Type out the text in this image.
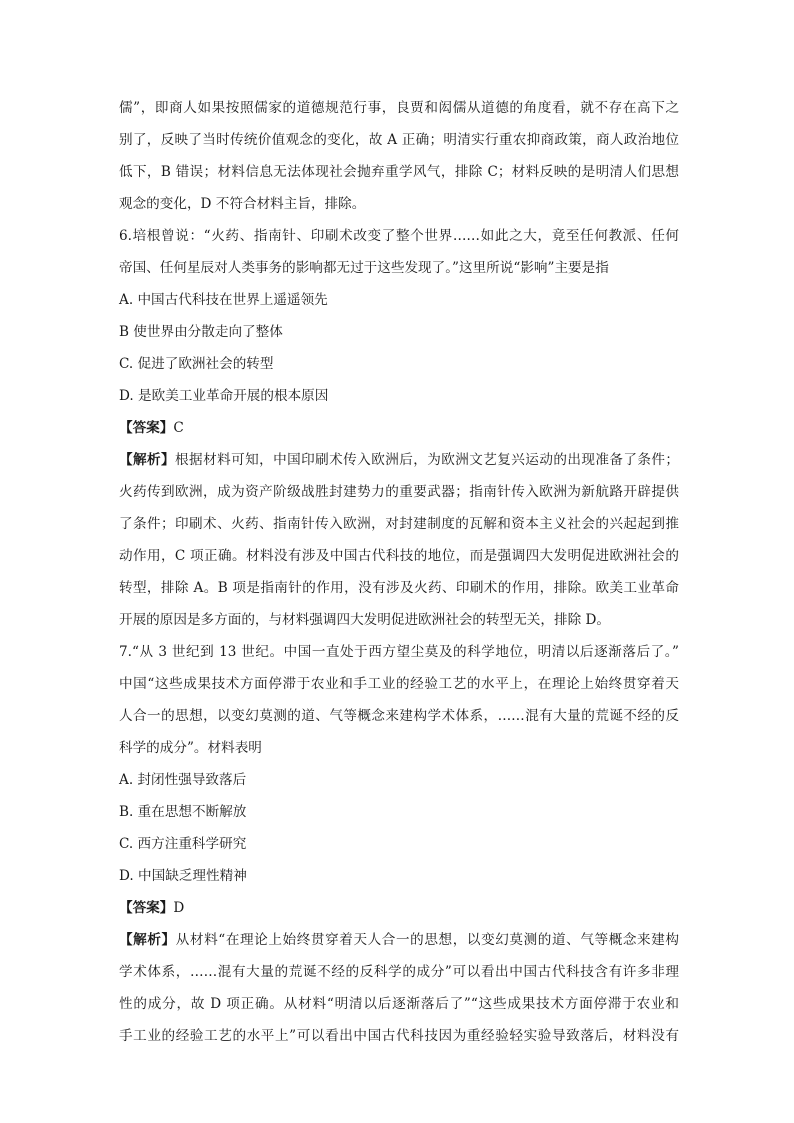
儒”，即商人如果按照儒家的道德规范行事，良贾和闳儒从道德的角度看，就不存在高下之
别了，反映了当时传统价值观念的变化，故 A 正确；明清实行重农抑商政策，商人政治地位
低下，B 错误；材料信息无法体现社会抛弃重学风气，排除 C；材料反映的是明清人们思想
观念的变化，D 不符合材料主旨，排除。
6.培根曾说：“火药、指南针、印刷术改变了整个世界……如此之大，竟至任何教派、任何
帝国、任何星辰对人类事务的影响都无过于这些发现了。”这里所说“影响”主要是指
A. 中国古代科技在世界上遥遥领先
B 使世界由分散走向了整体
C. 促进了欧洲社会的转型
D. 是欧美工业革命开展的根本原因
【答案】C
【解析】根据材料可知，中国印刷术传入欧洲后，为欧洲文艺复兴运动的出现准备了条件；
火药传到欧洲，成为资产阶级战胜封建势力的重要武器；指南针传入欧洲为新航路开辟提供
了条件；印刷术、火药、指南针传入欧洲，对封建制度的瓦解和资本主义社会的兴起起到推
动作用，C 项正确。材料没有涉及中国古代科技的地位，而是强调四大发明促进欧洲社会的
转型，排除 A。B 项是指南针的作用，没有涉及火药、印刷术的作用，排除。欧美工业革命
开展的原因是多方面的，与材料强调四大发明促进欧洲社会的转型无关，排除 D。
7.“从 3 世纪到 13 世纪。中国一直处于西方望尘莫及的科学地位，明清以后逐渐落后了。”
中国“这些成果技术方面停滞于农业和手工业的经验工艺的水平上，在理论上始终贯穿着天
人合一的思想，以变幻莫测的道、气等概念来建构学术体系，……混有大量的荒诞不经的反
科学的成分”。材料表明
A. 封闭性强导致落后
B. 重在思想不断解放
C. 西方注重科学研究
D. 中国缺乏理性精神
【答案】D
【解析】从材料“在理论上始终贯穿着天人合一的思想，以变幻莫测的道、气等概念来建构
学术体系，……混有大量的荒诞不经的反科学的成分”可以看出中国古代科技含有许多非理
性的成分，故 D 项正确。从材料“明清以后逐渐落后了”“这些成果技术方面停滞于农业和
手工业的经验工艺的水平上”可以看出中国古代科技因为重经验轻实验导致落后，材料没有
